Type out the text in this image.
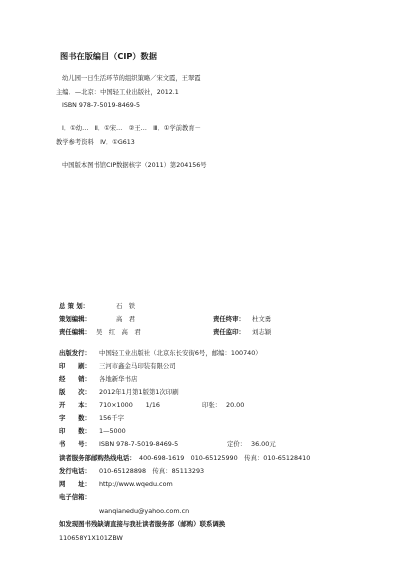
图书在版编目（CIP）数据
幼儿园一日生活环节的组织策略／宋文霞，王翠霞
主编．—北京：中国轻工业出版社，2012.1
ISBN 978-7-5019-8469-5
Ⅰ．①幼…　Ⅱ．①宋…　②王…　Ⅲ．①学前教育－
教学参考资料　Ⅳ．①G613
中国版本图书馆CIP数据核字（2011）第204156号
总 策 划：	石　铁
策划编辑：	高　君	责任终审： 杜文勇
责任编辑： 吴　红　高　君	责任监印： 刘志颖
出版发行： 中国轻工业出版社（北京东长安街6号，邮编：100740）
印　　刷： 三河市鑫金马印装有限公司
经　　销： 各地新华书店
版　　次： 2012年1月第1版第1次印刷
开　　本： 710×1000　　1/16	印张： 20.00
字　　数： 156千字
印　　数： 1—5000
书　　号： ISBN 978-7-5019-8469-5	定价： 36.00元
读者服务部邮购热线电话： 400-698-1619　010-65125990　传真：010-65128410
发行电话： 010-65128898　传真：85113293
网　　址： http://www.wqedu.com
电子信箱：
wanqianedu@yahoo.com.cn
如发现图书残缺请直接与我社读者服务部（邮购）联系调换
110658Y1X101ZBW
